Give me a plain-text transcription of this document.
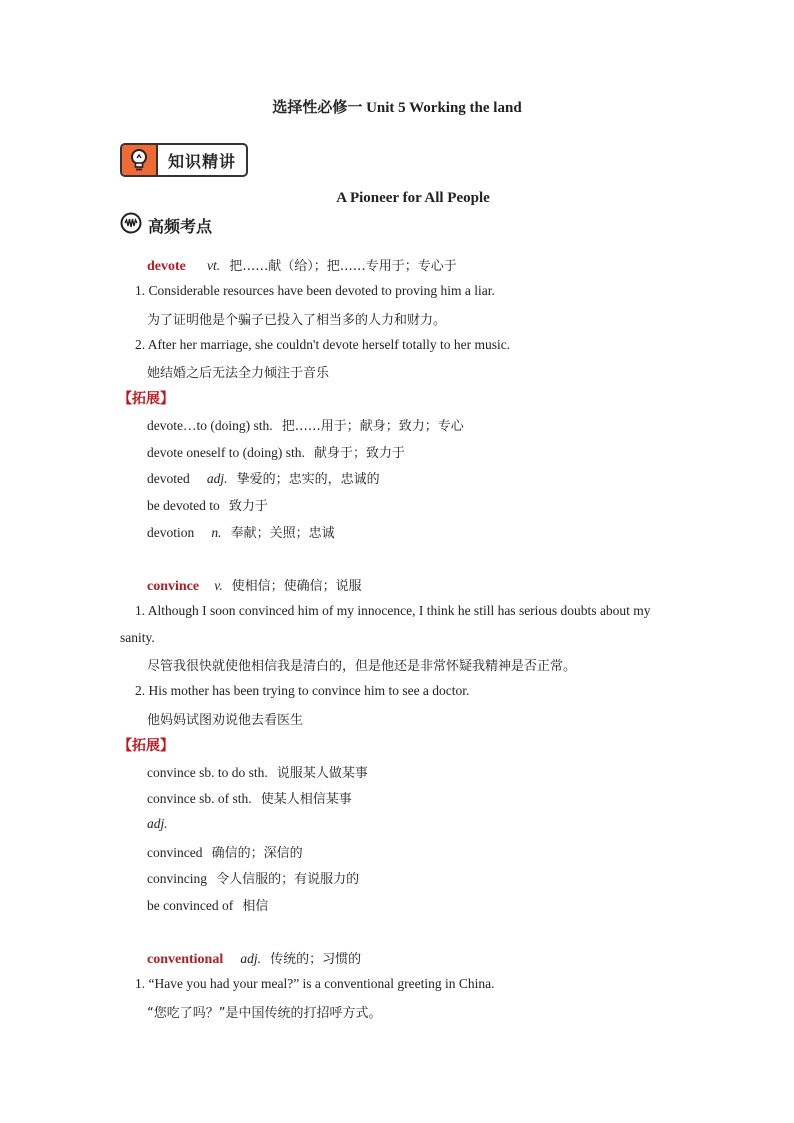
选择性必修一 Unit 5 Working the land
知识精讲
A Pioneer for All People
高频考点
devote vt. 把……献（给）；把……专用于；专心于
1. Considerable resources have been devoted to proving him a liar.
为了证明他是个骗子已投入了相当多的人力和财力。
2. After her marriage, she couldn't devote herself totally to her music.
她结婚之后无法全力倾注于音乐
【拓展】
devote…to (doing) sth. 把……用于；献身；致力；专心
devote oneself to (doing) sth. 献身于；致力于
devoted adj. 挚爱的；忠实的，忠诚的
be devoted to 致力于
devotion n. 奉献；关照；忠诚
convince v. 使相信；使确信；说服
1. Although I soon convinced him of my innocence, I think he still has serious doubts about my
sanity.
尽管我很快就使他相信我是清白的，但是他还是非常怀疑我精神是否正常。
2. His mother has been trying to convince him to see a doctor.
他妈妈试图劝说他去看医生
【拓展】
convince sb. to do sth. 说服某人做某事
convince sb. of sth. 使某人相信某事
adj.
convinced 确信的；深信的
convincing 令人信服的；有说服力的
be convinced of 相信
conventional adj. 传统的；习惯的
1. “Have you had your meal?” is a conventional greeting in China.
“您吃了吗？”是中国传统的打招呼方式。
